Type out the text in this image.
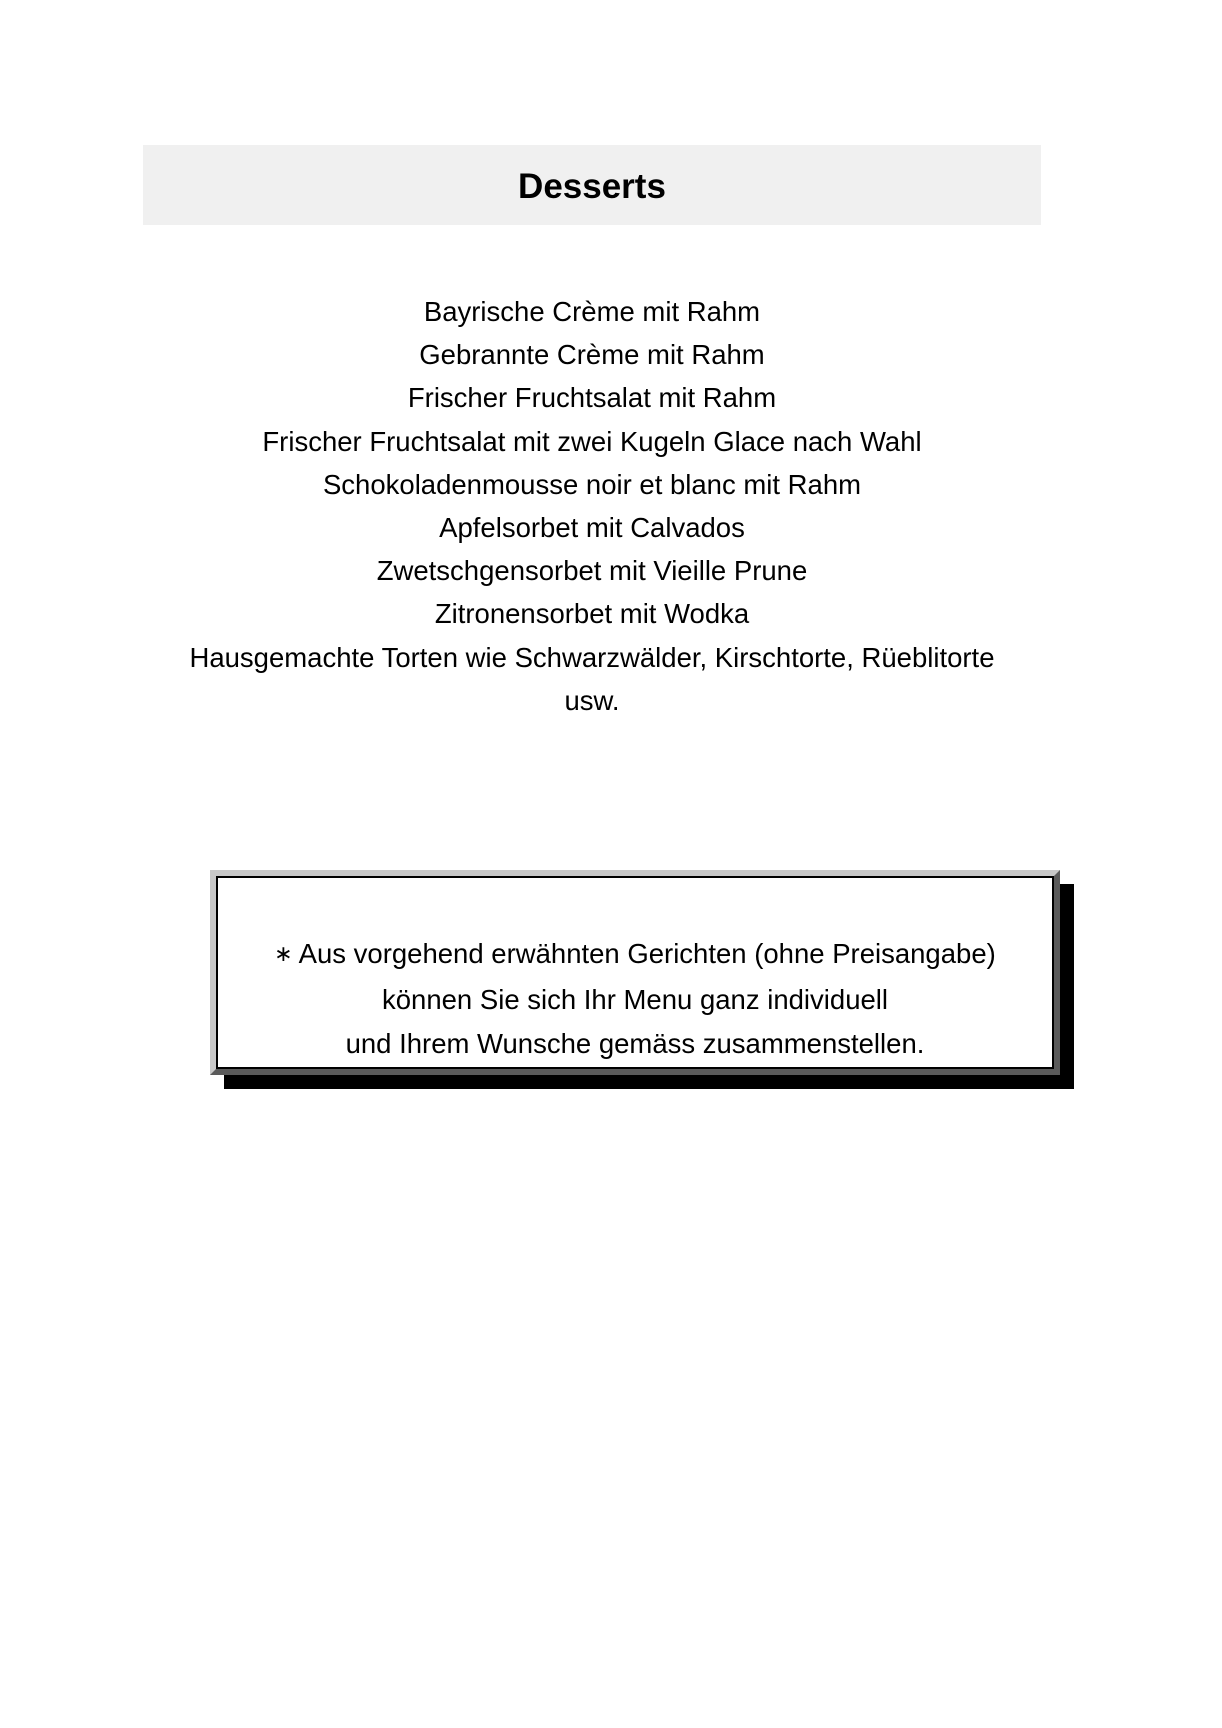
Desserts
Bayrische Crème mit Rahm
Gebrannte Crème mit Rahm
Frischer Fruchtsalat mit Rahm
Frischer Fruchtsalat mit zwei Kugeln Glace nach Wahl
Schokoladenmousse noir et blanc mit Rahm
Apfelsorbet mit Calvados
Zwetschgensorbet mit Vieille Prune
Zitronensorbet mit Wodka
Hausgemachte Torten wie Schwarzwälder, Kirschtorte, Rüeblitorte
usw.
∗ Aus vorgehend erwähnten Gerichten (ohne Preisangabe)
können Sie sich Ihr Menu ganz individuell
und Ihrem Wunsche gemäss zusammenstellen.
